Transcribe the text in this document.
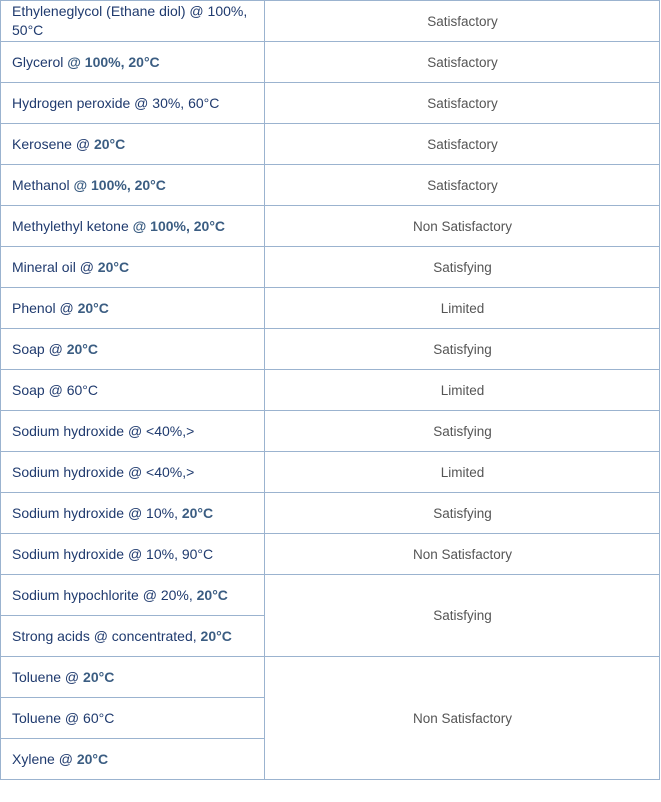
Ethyleneglycol (Ethane diol) @ 100%, 50°C	Satisfactory
Glycerol @ 100%, 20°C	Satisfactory
Hydrogen peroxide @ 30%, 60°C	Satisfactory
Kerosene @ 20°C	Satisfactory
Methanol @ 100%, 20°C	Satisfactory
Methylethyl ketone @ 100%, 20°C	Non Satisfactory
Mineral oil @ 20°C	Satisfying
Phenol @ 20°C	Limited
Soap @ 20°C	Satisfying
Soap @ 60°C	Limited
Sodium hydroxide @ <40%,>	Satisfying
Sodium hydroxide @ <40%,>	Limited
Sodium hydroxide @ 10%, 20°C	Satisfying
Sodium hydroxide @ 10%, 90°C	Non Satisfactory
Sodium hypochlorite @ 20%, 20°C	Satisfying
Strong acids @ concentrated, 20°C	
Toluene @ 20°C	Non Satisfactory
Toluene @ 60°C	
Xylene @ 20°C	
